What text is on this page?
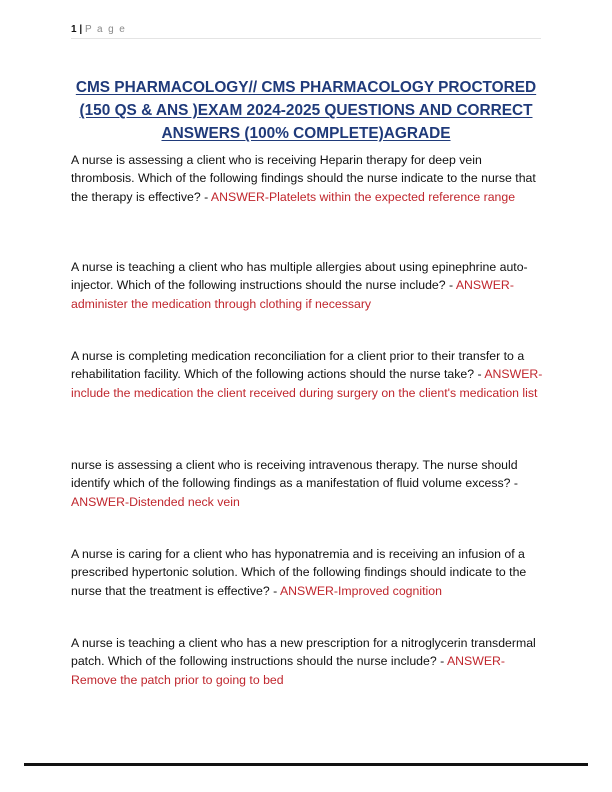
1 | P a g e
CMS PHARMACOLOGY// CMS PHARMACOLOGY PROCTORED (150 QS & ANS )EXAM 2024-2025 QUESTIONS AND CORRECT ANSWERS (100% COMPLETE)AGRADE

A nurse is assessing a client who is receiving Heparin therapy for deep vein thrombosis. Which of the following findings should the nurse indicate to the nurse that the therapy is effective? - ANSWER-Platelets within the expected reference range

A nurse is teaching a client who has multiple allergies about using epinephrine auto-injector. Which of the following instructions should the nurse include? - ANSWER-administer the medication through clothing if necessary

A nurse is completing medication reconciliation for a client prior to their transfer to a rehabilitation facility. Which of the following actions should the nurse take? - ANSWER-include the medication the client received during surgery on the client's medication list

nurse is assessing a client who is receiving intravenous therapy. The nurse should identify which of the following findings as a manifestation of fluid volume excess? - ANSWER-Distended neck vein

A nurse is caring for a client who has hyponatremia and is receiving an infusion of a prescribed hypertonic solution. Which of the following findings should indicate to the nurse that the treatment is effective? - ANSWER-Improved cognition

A nurse is teaching a client who has a new prescription for a nitroglycerin transdermal patch. Which of the following instructions should the nurse include? - ANSWER-Remove the patch prior to going to bed
